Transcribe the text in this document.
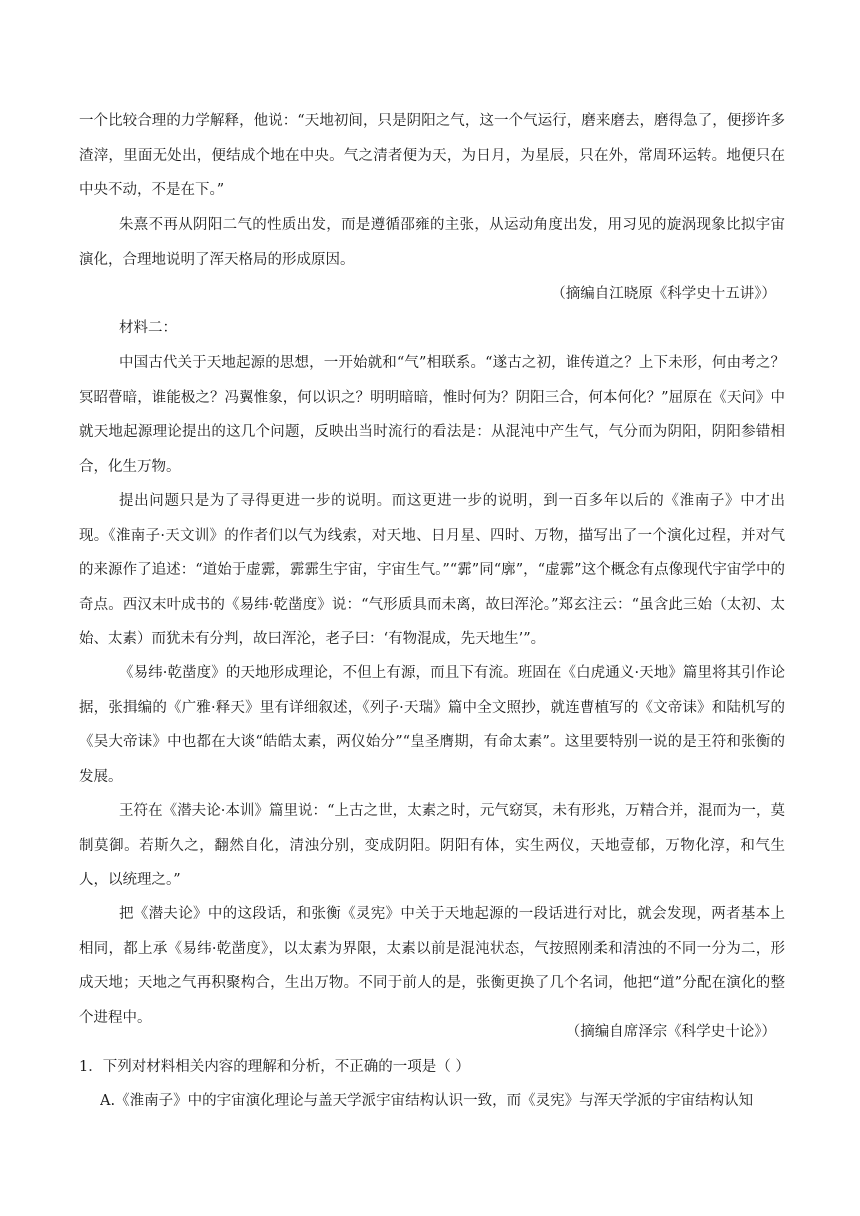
一个比较合理的力学解释，他说：“天地初间，只是阴阳之气，这一个气运行，磨来磨去，磨得急了，便拶许多渣滓，里面无处出，便结成个地在中央。气之清者便为天，为日月，为星辰，只在外，常周环运转。地便只在中央不动，不是在下。”

朱熹不再从阴阳二气的性质出发，而是遵循邵雍的主张，从运动角度出发，用习见的旋涡现象比拟宇宙演化，合理地说明了浑天格局的形成原因。

（摘编自江晓原《科学史十五讲》）

材料二：

中国古代关于天地起源的思想，一开始就和“气”相联系。“遂古之初，谁传道之？上下未形，何由考之？冥昭瞢暗，谁能极之？冯翼惟象，何以识之？明明暗暗，惟时何为？阴阳三合，何本何化？”屈原在《天问》中就天地起源理论提出的这几个问题，反映出当时流行的看法是：从混沌中产生气，气分而为阴阳，阴阳参错相合，化生万物。

提出问题只是为了寻得更进一步的说明。而这更进一步的说明，到一百多年以后的《淮南子》中才出现。《淮南子·天文训》的作者们以气为线索，对天地、日月星、四时、万物，描写出了一个演化过程，并对气的来源作了追述：“道始于虚霩，霩霩生宇宙，宇宙生气。”“霩”同“廓”，“虚霩”这个概念有点像现代宇宙学中的奇点。西汉末叶成书的《易纬·乾凿度》说：“气形质具而未离，故曰浑沦。”郑玄注云：“虽含此三始（太初、太始、太素）而犹未有分判，故曰浑沦，老子曰：‘有物混成，先天地生’”。

《易纬·乾凿度》的天地形成理论，不但上有源，而且下有流。班固在《白虎通义·天地》篇里将其引作论据，张揖编的《广雅·释天》里有详细叙述，《列子·天瑞》篇中全文照抄，就连曹植写的《文帝诔》和陆机写的《吴大帝诔》中也都在大谈“皓皓太素，两仪始分”“皇圣膺期，有命太素”。这里要特别一说的是王符和张衡的发展。

王符在《潜夫论·本训》篇里说：“上古之世，太素之时，元气窈冥，未有形兆，万精合并，混而为一，莫制莫御。若斯久之，翻然自化，清浊分别，变成阴阳。阴阳有体，实生两仪，天地壹郁，万物化淳，和气生人，以统理之。”

把《潜夫论》中的这段话，和张衡《灵宪》中关于天地起源的一段话进行对比，就会发现，两者基本上相同，都上承《易纬·乾凿度》，以太素为界限，太素以前是混沌状态，气按照刚柔和清浊的不同一分为二，形成天地；天地之气再积聚构合，生出万物。不同于前人的是，张衡更换了几个名词，他把“道”分配在演化的整个进程中。

（摘编自席泽宗《科学史十论》）

1．下列对材料相关内容的理解和分析，不正确的一项是（ ）

A.《淮南子》中的宇宙演化理论与盖天学派宇宙结构认识一致，而《灵宪》与浑天学派的宇宙结构认知
